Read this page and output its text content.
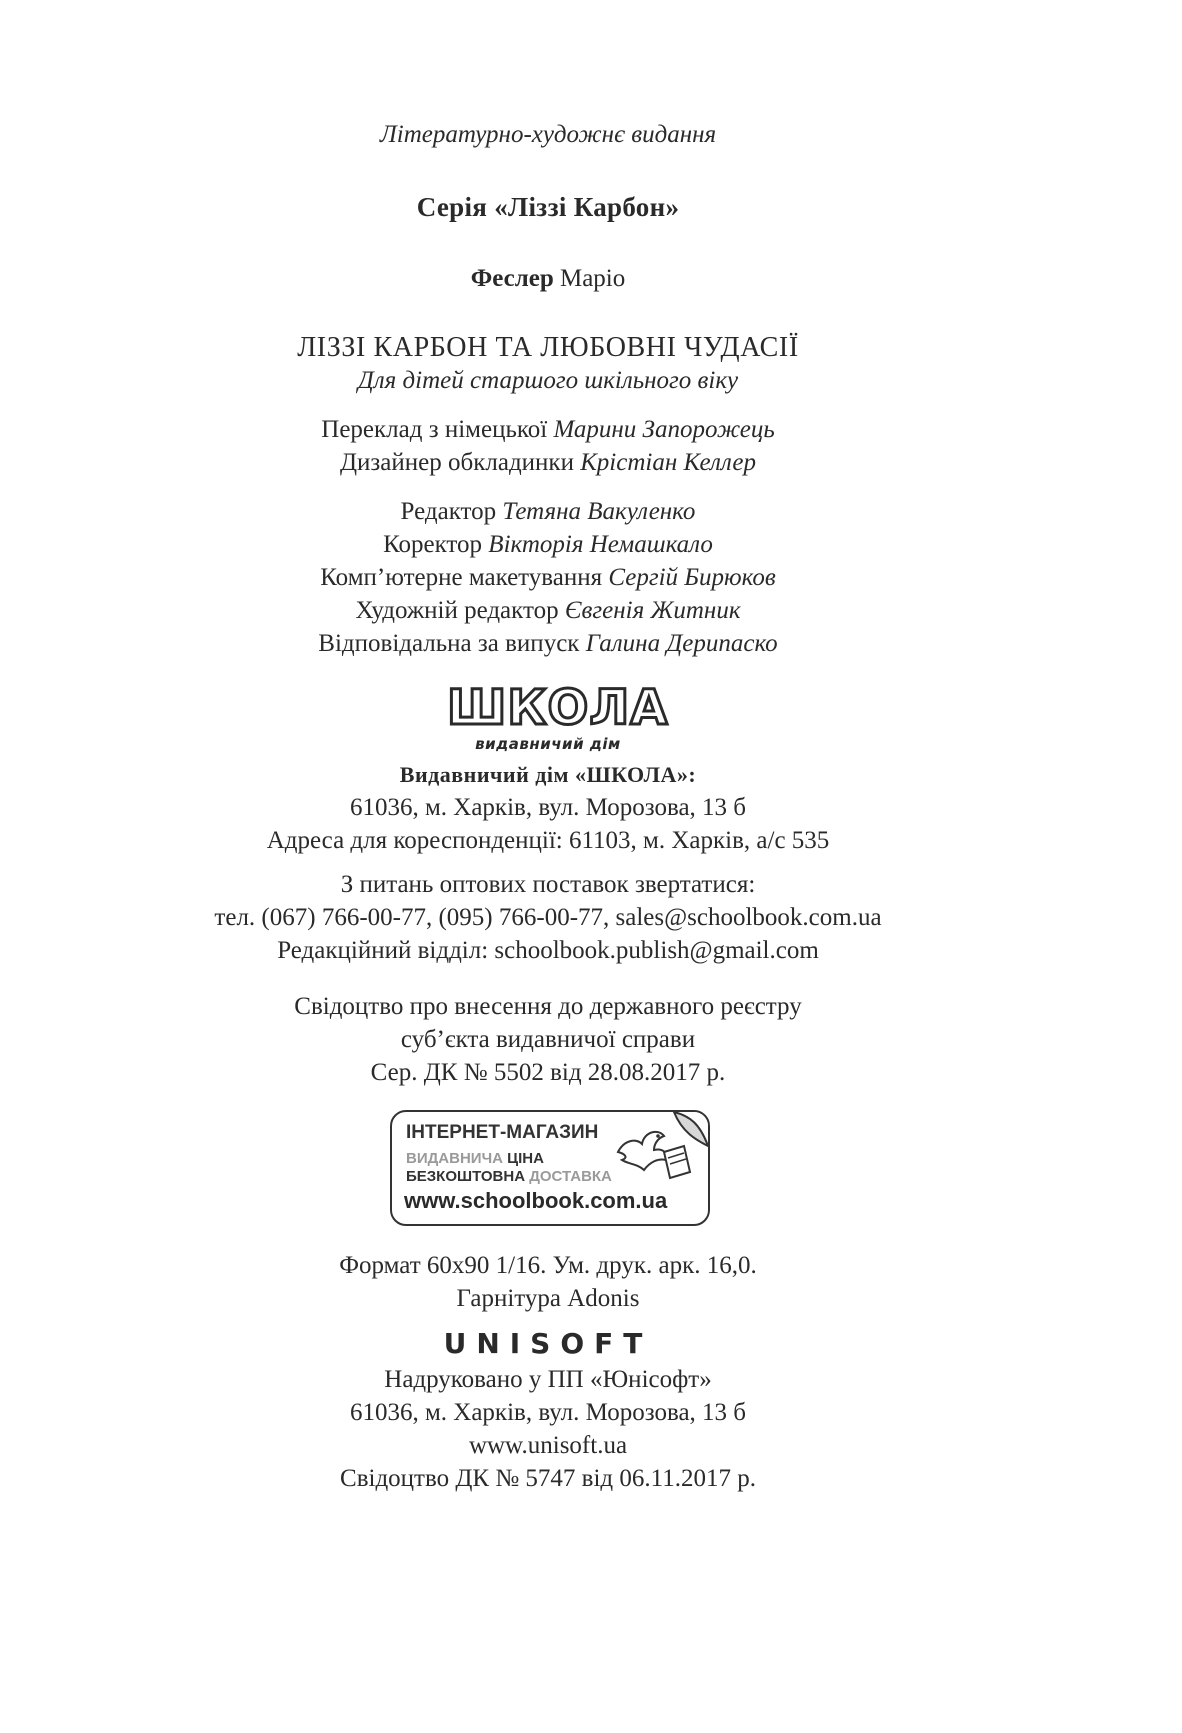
Літературно-художнє видання
Серія «Ліззі Карбон»
Феслер Маріо
ЛІЗЗІ КАРБОН ТА ЛЮБОВНІ ЧУДАСІЇ
Для дітей старшого шкільного віку
Переклад з німецької Марини Запорожець
Дизайнер обкладинки Крістіан Келлер
Редактор Тетяна Вакуленко
Коректор Вікторія Немашкало
Комп’ютерне макетування Сергій Бирюков
Художній редактор Євгенія Житник
Відповідальна за випуск Галина Дерипаско
ШКОЛА
видавничий дім
Видавничий дім «ШКОЛА»:
61036, м. Харків, вул. Морозова, 13 б
Адреса для кореспонденції: 61103, м. Харків, а/с 535
З питань оптових поставок звертатися:
тел. (067) 766-00-77, (095) 766-00-77, sales@schoolbook.com.ua
Редакційний відділ: schoolbook.publish@gmail.com
Свідоцтво про внесення до державного реєстру
суб’єкта видавничої справи
Сер. ДК № 5502 від 28.08.2017 р.
ІНТЕРНЕТ-МАГАЗИН
ВИДАВНИЧА ЦІНА
БЕЗКОШТОВНА ДОСТАВКА
www.schoolbook.com.ua
Формат 60х90 1/16. Ум. друк. арк. 16,0.
Гарнітура Adonis
UNISOFT
Надруковано у ПП «Юнісофт»
61036, м. Харків, вул. Морозова, 13 б
www.unisoft.ua
Свідоцтво ДК № 5747 від 06.11.2017 р.
